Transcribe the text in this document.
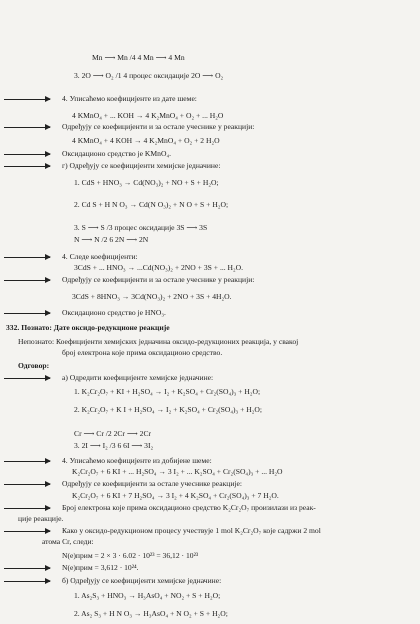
Mn ⟶ Mn /4 4 Mn ⟶ 4 Mn
3. 2O ⟶ O₂ /1 4 процес оксидације 2O ⟶ O₂
4. Уписаћемо коефицијенте из дате шеме:
4 KMnO₄ + ... KOH → 4 K₂MnO₄ + O₂ + ... H₂O
Одређују се коефицијенти и за остале учеснике у реакцији:
4 KMnO₄ + 4 KOH → 4 K₂MnO₄ + O₂ + 2 H₂O
Оксидационо средство је KMnO₄.
г) Одређују се коефицијенти хемијске једначине:
1. CdS + HNO₃ → Cd(NO₃)₂ + NO + S + H₂O;
2. Cd S + H N O₃ → Cd(N O₃)₂ + N O + S + H₂O;
3. S ⟶ S /3 процес оксидације 3S ⟶ 3S
N ⟶ N /2 6 2N ⟶ 2N
4. Следе коефицијенти:
3CdS + ... HNO₃ → ...Cd(NO₃)₂ + 2NO + 3S + ... H₂O.
Одређују се коефицијенти и за остале учеснике у реакцији:
3CdS + 8HNO₃ → 3Cd(NO₃)₂ + 2NO + 3S + 4H₂O.
Оксидационо средство је HNO₃.
332. Познато: Дате оксидо-редукционе реакције
Непознато: Коефицијенти хемијских једначина оксидо-редукционих реакција, у свакој
број електрона које прима оксидационо средство.
Одговор:
а) Одредити коефицијенте хемијске једначине:
1. K₂Cr₂O₇ + KI + H₂SO₄ → I₂ + K₂SO₄ + Cr₂(SO₄)₃ + H₂O;
2. K₂Cr₂O₇ + K I + H₂SO₄ → I₂ + K₂SO₄ + Cr₂(SO₄)₃ + H₂O;
Cr ⟶ Cr /2 2Cr ⟶ 2Cr
3. 2I ⟶ I₂ /3 6 6I ⟶ 3I₂
4. Уписаћемо коефицијенте из добијене шеме:
K₂Cr₂O₇ + 6 KI + ... H₂SO₄ → 3 I₂ + ... K₂SO₄ + Cr₂(SO₄)₃ + ... H₂O
Одређују се коефицијенти за остале учеснике реакције:
K₂Cr₂O₇ + 6 KI + 7 H₂SO₄ → 3 I₂ + 4 K₂SO₄ + Cr₂(SO₄)₃ + 7 H₂O.
Број електрона које прима оксидационо средство K₂Cr₂O₇ произилази из реак-
ције реакције.
Како у оксидо-редукционом процесу учествује 1 mol K₂Cr₂O₇ које садржи 2 mol
атома Cr, следи:
N(e)прим = 2 × 3 · 6.02 · 10²³ = 36,12 · 10²³
N(e)прим = 3,612 · 10²⁴.
б) Одређују се коефицијенти хемијске једначине:
1. As₂S₃ + HNO₃ → H₃AsO₄ + NO₂ + S + H₂O;
2. As₂ S₃ + H N O₃ → H₃AsO₄ + N O₂ + S + H₂O;
